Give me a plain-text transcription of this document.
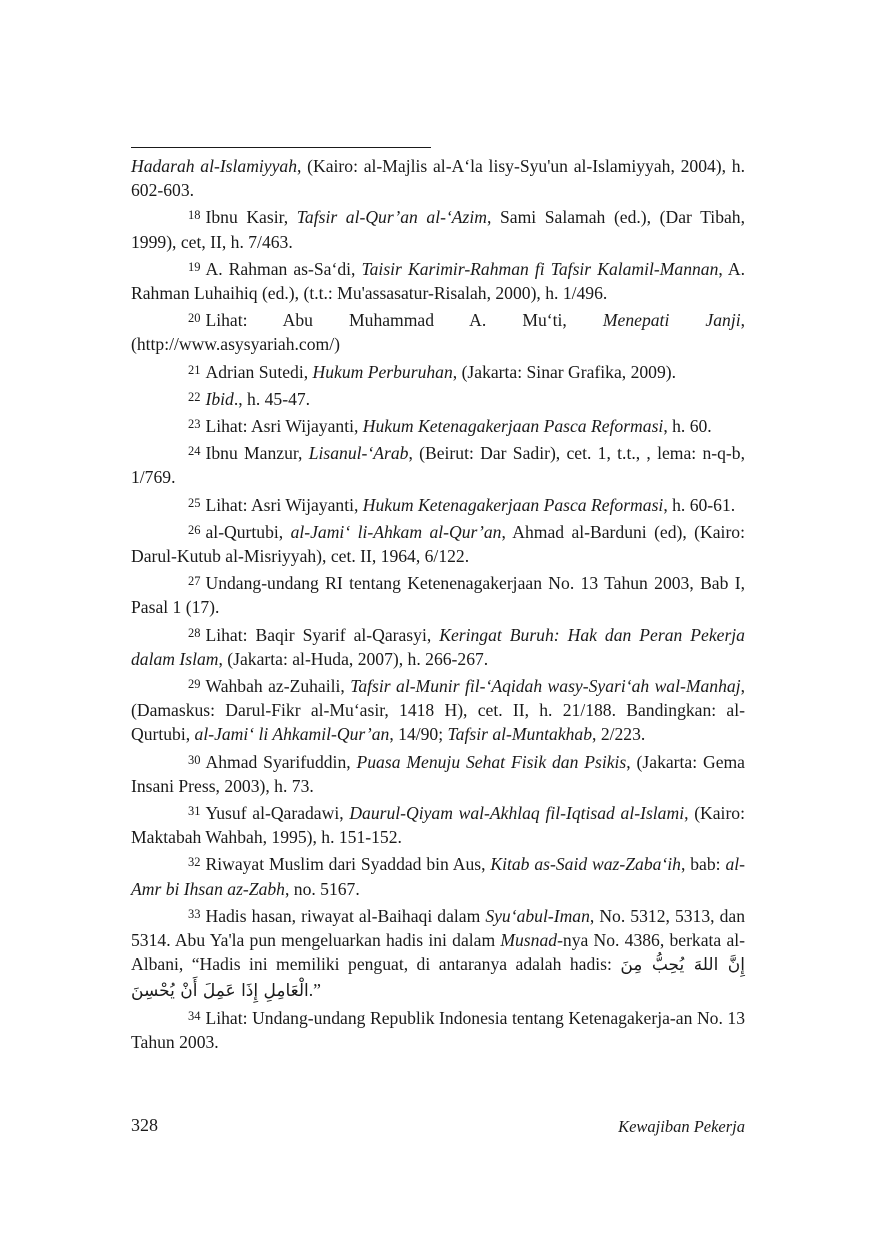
Hadarah al-Islamiyyah, (Kairo: al-Majlis al-A‘la lisy-Syu'un al-Islamiyyah, 2004), h. 602-603.

$^{18}$ Ibnu Kasir, Tafsir al-Qur’an al-‘Azim, Sami Salamah (ed.), (Dar Tibah, 1999), cet, II, h. 7/463.

$^{19}$ A. Rahman as-Sa‘di, Taisir Karimir-Rahman fi Tafsir Kalamil-Mannan, A. Rahman Luhaihiq (ed.), (t.t.: Mu'assasatur-Risalah, 2000), h. 1/496.

$^{20}$ Lihat: Abu Muhammad A. Mu‘ti, Menepati Janji, (http://www.asysyariah.com/)

$^{21}$ Adrian Sutedi, Hukum Perburuhan, (Jakarta: Sinar Grafika, 2009).

$^{22}$ Ibid., h. 45-47.

$^{23}$ Lihat: Asri Wijayanti, Hukum Ketenagakerjaan Pasca Reformasi, h. 60.

$^{24}$ Ibnu Manzur, Lisanul-‘Arab, (Beirut: Dar Sadir), cet. 1, t.t., , lema: n-q-b, 1/769.

$^{25}$ Lihat: Asri Wijayanti, Hukum Ketenagakerjaan Pasca Reformasi, h. 60-61.

$^{26}$ al-Qurtubi, al-Jami‘ li-Ahkam al-Qur’an, Ahmad al-Barduni (ed), (Kairo: Darul-Kutub al-Misriyyah), cet. II, 1964, 6/122.

$^{27}$ Undang-undang RI tentang Ketenenagakerjaan No. 13 Tahun 2003, Bab I, Pasal 1 (17).

$^{28}$ Lihat: Baqir Syarif al-Qarasyi, Keringat Buruh: Hak dan Peran Pekerja dalam Islam, (Jakarta: al-Huda, 2007), h. 266-267.

$^{29}$ Wahbah az-Zuhaili, Tafsir al-Munir fil-‘Aqidah wasy-Syari‘ah wal-Manhaj, (Damaskus: Darul-Fikr al-Mu‘asir, 1418 H), cet. II, h. 21/188. Bandingkan: al-Qurtubi, al-Jami‘ li Ahkamil-Qur’an, 14/90; Tafsir al-Muntakhab, 2/223.

$^{30}$ Ahmad Syarifuddin, Puasa Menuju Sehat Fisik dan Psikis, (Jakarta: Gema Insani Press, 2003), h. 73.

$^{31}$ Yusuf al-Qaradawi, Daurul-Qiyam wal-Akhlaq fil-Iqtisad al-Islami, (Kairo: Maktabah Wahbah, 1995), h. 151-152.

$^{32}$ Riwayat Muslim dari Syaddad bin Aus, Kitab as-Said waz-Zaba‘ih, bab: al-Amr bi Ihsan az-Zabh, no. 5167.

$^{33}$ Hadis hasan, riwayat al-Baihaqi dalam Syu‘abul-Iman, No. 5312, 5313, dan 5314. Abu Ya'la pun mengeluarkan hadis ini dalam Musnad-nya No. 4386, berkata al-Albani, “Hadis ini memiliki penguat, di antaranya adalah hadis: إِنَّ اللهَ يُحِبُّ مِنَ الْعَامِلِ إِذَا عَمِلَ أَنْ يُحْسِنَ.”

$^{34}$ Lihat: Undang-undang Republik Indonesia tentang Ketenagakerja-an No. 13 Tahun 2003.

328	Kewajiban Pekerja
